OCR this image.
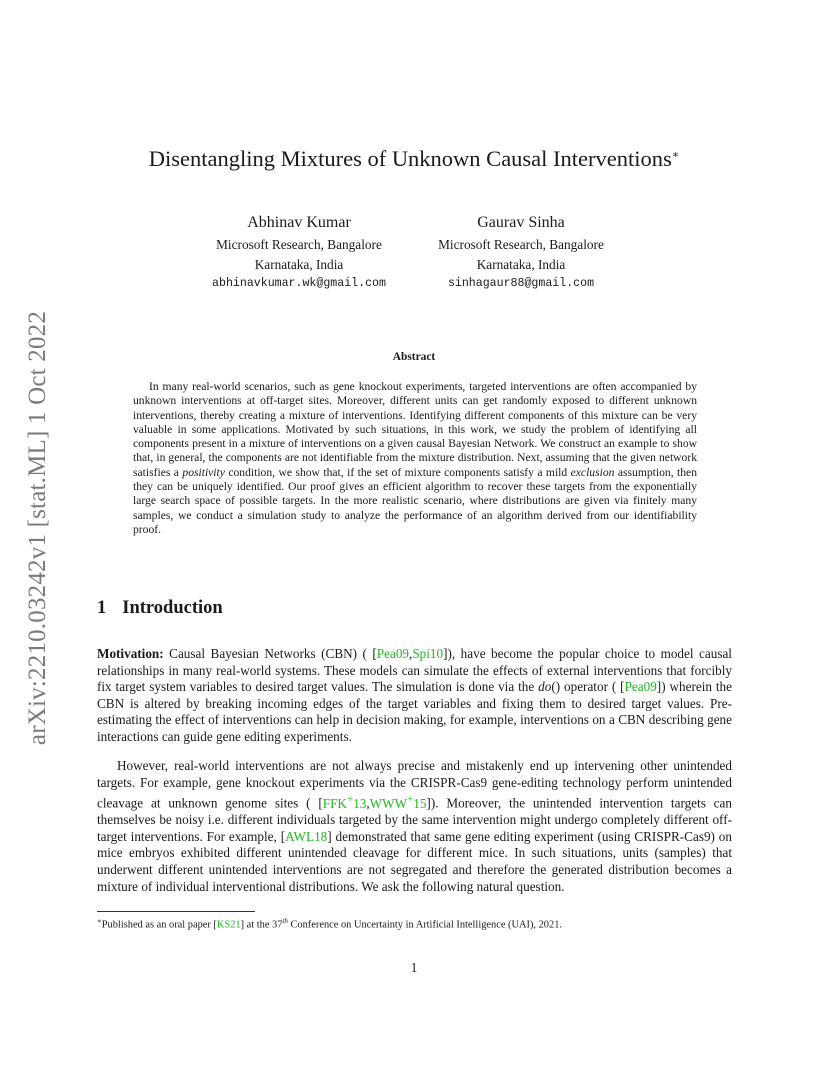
arXiv:2210.03242v1 [stat.ML] 1 Oct 2022
Disentangling Mixtures of Unknown Causal Interventions∗
Abhinav Kumar
Microsoft Research, Bangalore
Karnataka, India
abhinavkumar.wk@gmail.com
Gaurav Sinha
Microsoft Research, Bangalore
Karnataka, India
sinhagaur88@gmail.com
Abstract
In many real-world scenarios, such as gene knockout experiments, targeted interventions are often accompanied by unknown interventions at off-target sites. Moreover, different units can get randomly exposed to different unknown interventions, thereby creating a mixture of interventions. Identifying different components of this mixture can be very valuable in some applications. Motivated by such situations, in this work, we study the problem of identifying all components present in a mixture of interventions on a given causal Bayesian Network. We construct an example to show that, in general, the components are not identifiable from the mixture distribution. Next, assuming that the given network satisfies a positivity condition, we show that, if the set of mixture components satisfy a mild exclusion assumption, then they can be uniquely identified. Our proof gives an efficient algorithm to recover these targets from the exponentially large search space of possible targets. In the more realistic scenario, where distributions are given via finitely many samples, we conduct a simulation study to analyze the performance of an algorithm derived from our identifiability proof.
1 Introduction
Motivation: Causal Bayesian Networks (CBN) ( [Pea09,Spi10]), have become the popular choice to model causal relationships in many real-world systems. These models can simulate the effects of external interventions that forcibly fix target system variables to desired target values. The simulation is done via the do() operator ( [Pea09]) wherein the CBN is altered by breaking incoming edges of the target variables and fixing them to desired target values. Pre-estimating the effect of interventions can help in decision making, for example, interventions on a CBN describing gene interactions can guide gene editing experiments.
However, real-world interventions are not always precise and mistakenly end up intervening other unintended targets. For example, gene knockout experiments via the CRISPR-Cas9 gene-editing technology perform unintended cleavage at unknown genome sites ( [FFK+13,WWW+15]). Moreover, the unintended intervention targets can themselves be noisy i.e. different individuals targeted by the same intervention might undergo completely different off-target interventions. For example, [AWL18] demonstrated that same gene editing experiment (using CRISPR-Cas9) on mice embryos exhibited different unintended cleavage for different mice. In such situations, units (samples) that underwent different unintended interventions are not segregated and therefore the generated distribution becomes a mixture of individual interventional distributions. We ask the following natural question.
∗Published as an oral paper [KS21] at the 37th Conference on Uncertainty in Artificial Intelligence (UAI), 2021.
1
